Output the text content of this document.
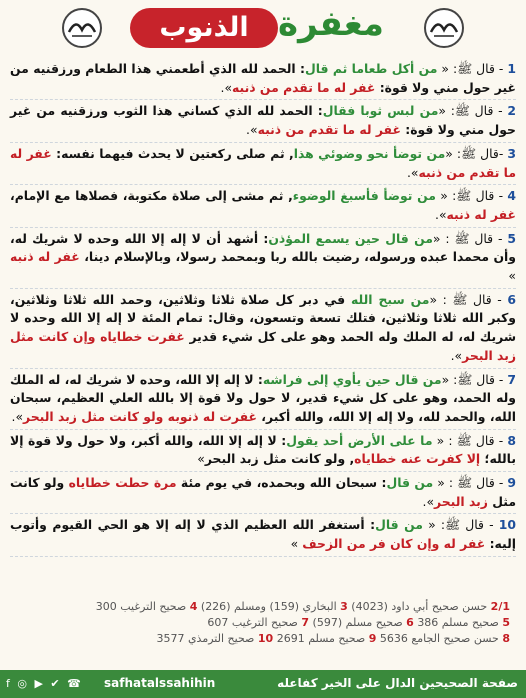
الذنوب مغفرة
1 - قال ﷺ: « من أكل طعاما ثم قال: الحمد لله الذي أطعمني هذا الطعام ورزقنيه من غير حول مني ولا قوة: غفر له ما تقدم من ذنبه».
2 - قال ﷺ: «من لبس ثوبا فقال: الحمد لله الذي كساني هذا الثوب ورزقنيه من غير حول مني ولا قوة: غفر له ما تقدم من ذنبه».
3 -قال ﷺ: «من توضأ نحو وضوئي هذا, ثم صلى ركعتين لا يحدث فيهما نفسه: غفر له ما تقدم من ذنبه».
4 - قال ﷺ: « من توضأ فأسبغ الوضوء, ثم مشى إلى صلاة مكتوبة، فصلاها مع الإمام، غفر له ذنبه».
5 - قال ﷺ : «من قال حين يسمع المؤذن: أشهد أن لا إله إلا الله وحده لا شريك له، وأن محمدا عبده ورسوله، رضيت بالله ربا وبمحمد رسولا، وبالإسلام دينا، غفر له ذنبه »
6 - قال ﷺ : «من سبح الله في دبر كل صلاة ثلاثا وثلاثين، وحمد الله ثلاثا وثلاثين، وكبر الله ثلاثا وثلاثين، فتلك تسعة وتسعون، وقال: تمام المئة لا إله إلا الله وحده لا شريك له، له الملك وله الحمد وهو على كل شيء قدير غفرت خطاياه وإن كانت مثل زبد البحر».
7 - قال ﷺ: «من قال حين يأوي إلى فراشه: لا إله إلا الله، وحده لا شريك له، له الملك وله الحمد، وهو على كل شيء قدير، لا حول ولا قوة إلا بالله العلي العظيم، سبحان الله، والحمد لله، ولا إله إلا الله، والله أكبر، غفرت له ذنوبه ولو كانت مثل زبد البحر».
8 - قال ﷺ : « ما على الأرض أحد يقول: لا إله إلا الله، والله أكبر، ولا حول ولا قوة إلا بالله؛ إلا كفرت عنه خطاياه, ولو كانت مثل زبد البحر»
9 - قال ﷺ : « من قال: سبحان الله وبحمده، في يوم مئة مرة حطت خطاياه ولو كانت مثل زبد البحر».
10 - قال ﷺ: « من قال: أستغفر الله العظيم الذي لا إله إلا هو الحي القيوم وأتوب إليه: غفر له وإن كان فر من الزحف »
2/1 حسن صحيح أبي داود (4023) 3 البخاري (159) ومسلم (226) 4 صحيح الترغيب 300
5 صحيح مسلم 386 6 صحيح مسلم (597) 7 صحيح الترغيب 607
8 حسن صحيح الجامع 5636 9 صحيح مسلم 2691 10 صحيح الترمذي 3577
f ◎ ▶ ✔ ☎ safhatalssahihin	صفحة الصحيحين الدال على الخير كفاعله
